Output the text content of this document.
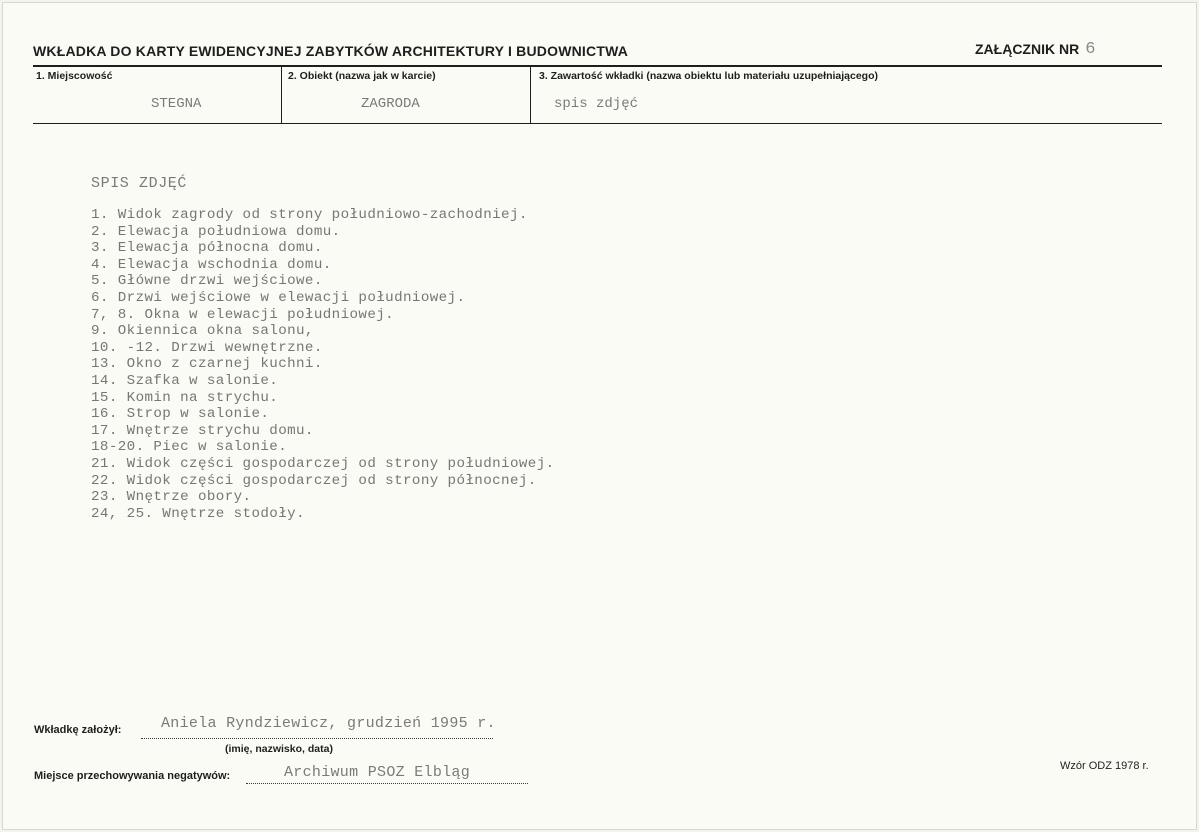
WKŁADKA DO KARTY EWIDENCYJNEJ ZABYTKÓW ARCHITEKTURY I BUDOWNICTWA	ZAŁĄCZNIK NR 6
1. Miejscowość	2. Obiekt (nazwa jak w karcie)	3. Zawartość wkładki (nazwa obiektu lub materiału uzupełniającego)
STEGNA	ZAGRODA	spis zdjęć
SPIS ZDJĘĆ
1. Widok zagrody od strony południowo-zachodniej.
2. Elewacja południowa domu.
3. Elewacja północna domu.
4. Elewacja wschodnia domu.
5. Główne drzwi wejściowe.
6. Drzwi wejściowe w elewacji południowej.
7, 8. Okna w elewacji południowej.
9. Okiennica okna salonu,
10. -12. Drzwi wewnętrzne.
13. Okno z czarnej kuchni.
14. Szafka w salonie.
15. Komin na strychu.
16. Strop w salonie.
17. Wnętrze strychu domu.
18-20. Piec w salonie.
21. Widok części gospodarczej od strony południowej.
22. Widok części gospodarczej od strony północnej.
23. Wnętrze obory.
24, 25. Wnętrze stodoły.
Wkładkę założył:	Aniela Ryndziewicz, grudzień 1995 r.
(imię, nazwisko, data)
Miejsce przechowywania negatywów:	Archiwum PSOZ Elbląg	Wzór ODZ 1978 r.
